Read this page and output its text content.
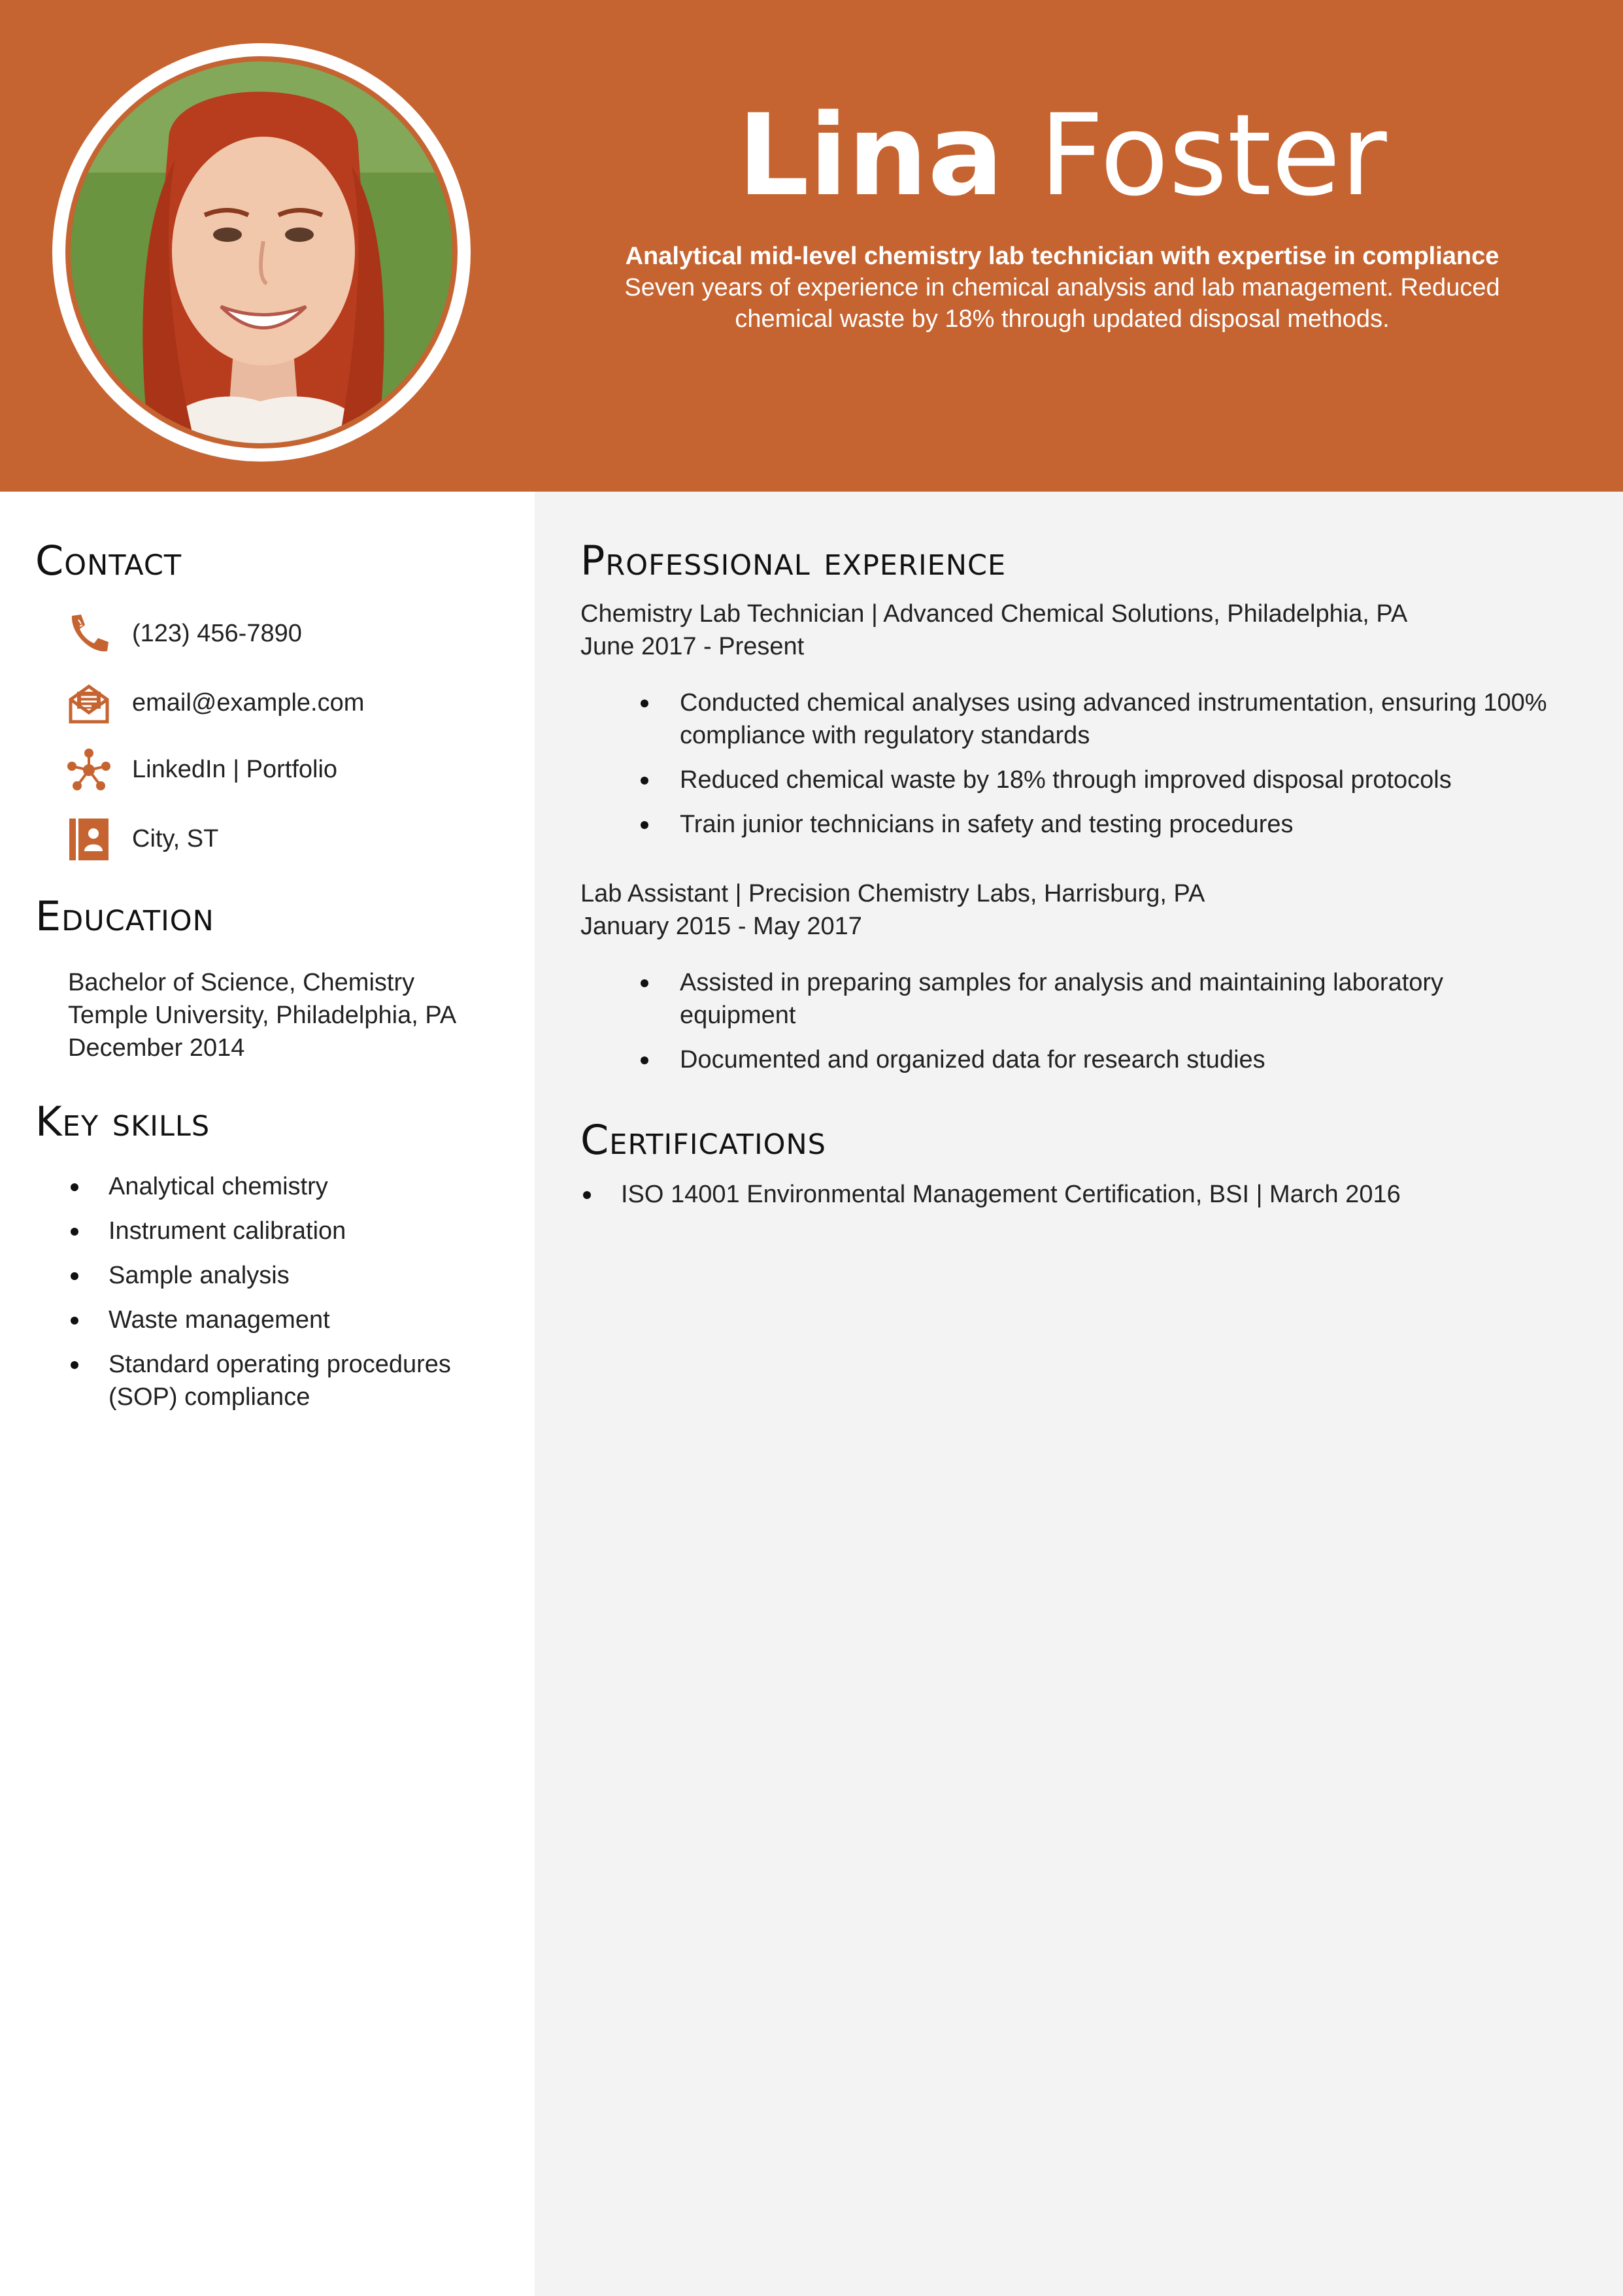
Lina Foster
Analytical mid-level chemistry lab technician with expertise in compliance
Seven years of experience in chemical analysis and lab management. Reduced chemical waste by 18% through updated disposal methods.
Contact
(123) 456-7890
email@example.com
LinkedIn | Portfolio
City, ST
Education
Bachelor of Science, Chemistry
Temple University, Philadelphia, PA
December 2014
Key skills
Analytical chemistry
Instrument calibration
Sample analysis
Waste management
Standard operating procedures (SOP) compliance
Professional experience
Chemistry Lab Technician | Advanced Chemical Solutions, Philadelphia, PA
June 2017 - Present
Conducted chemical analyses using advanced instrumentation, ensuring 100% compliance with regulatory standards
Reduced chemical waste by 18% through improved disposal protocols
Train junior technicians in safety and testing procedures
Lab Assistant | Precision Chemistry Labs, Harrisburg, PA
January 2015 - May 2017
Assisted in preparing samples for analysis and maintaining laboratory equipment
Documented and organized data for research studies
Certifications
ISO 14001 Environmental Management Certification, BSI | March 2016
